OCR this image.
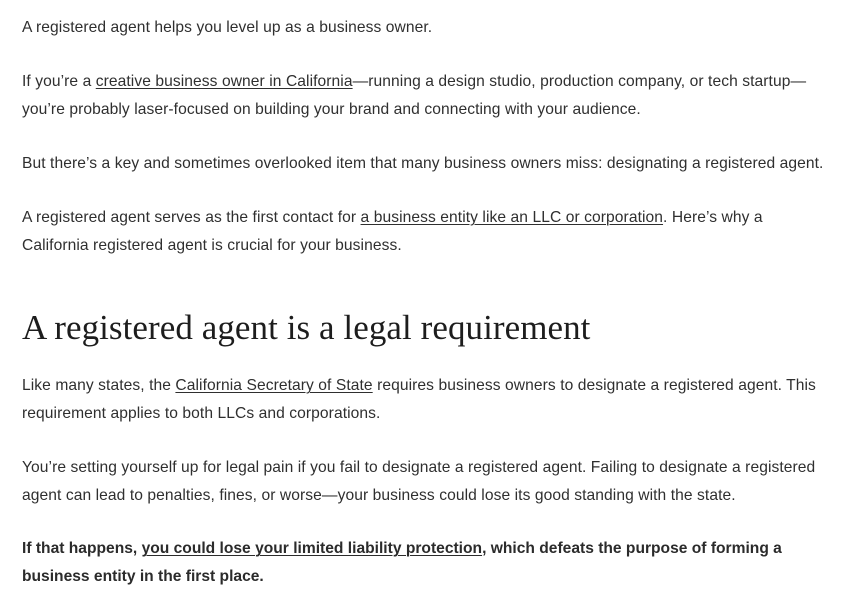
A registered agent helps you level up as a business owner.

If you’re a creative business owner in California—running a design studio, production company, or tech startup—you’re probably laser-focused on building your brand and connecting with your audience.

But there’s a key and sometimes overlooked item that many business owners miss: designating a registered agent.

A registered agent serves as the first contact for a business entity like an LLC or corporation. Here’s why a California registered agent is crucial for your business.

A registered agent is a legal requirement

Like many states, the California Secretary of State requires business owners to designate a registered agent. This requirement applies to both LLCs and corporations.

You’re setting yourself up for legal pain if you fail to designate a registered agent. Failing to designate a registered agent can lead to penalties, fines, or worse—your business could lose its good standing with the state.

If that happens, you could lose your limited liability protection, which defeats the purpose of forming a business entity in the first place.
